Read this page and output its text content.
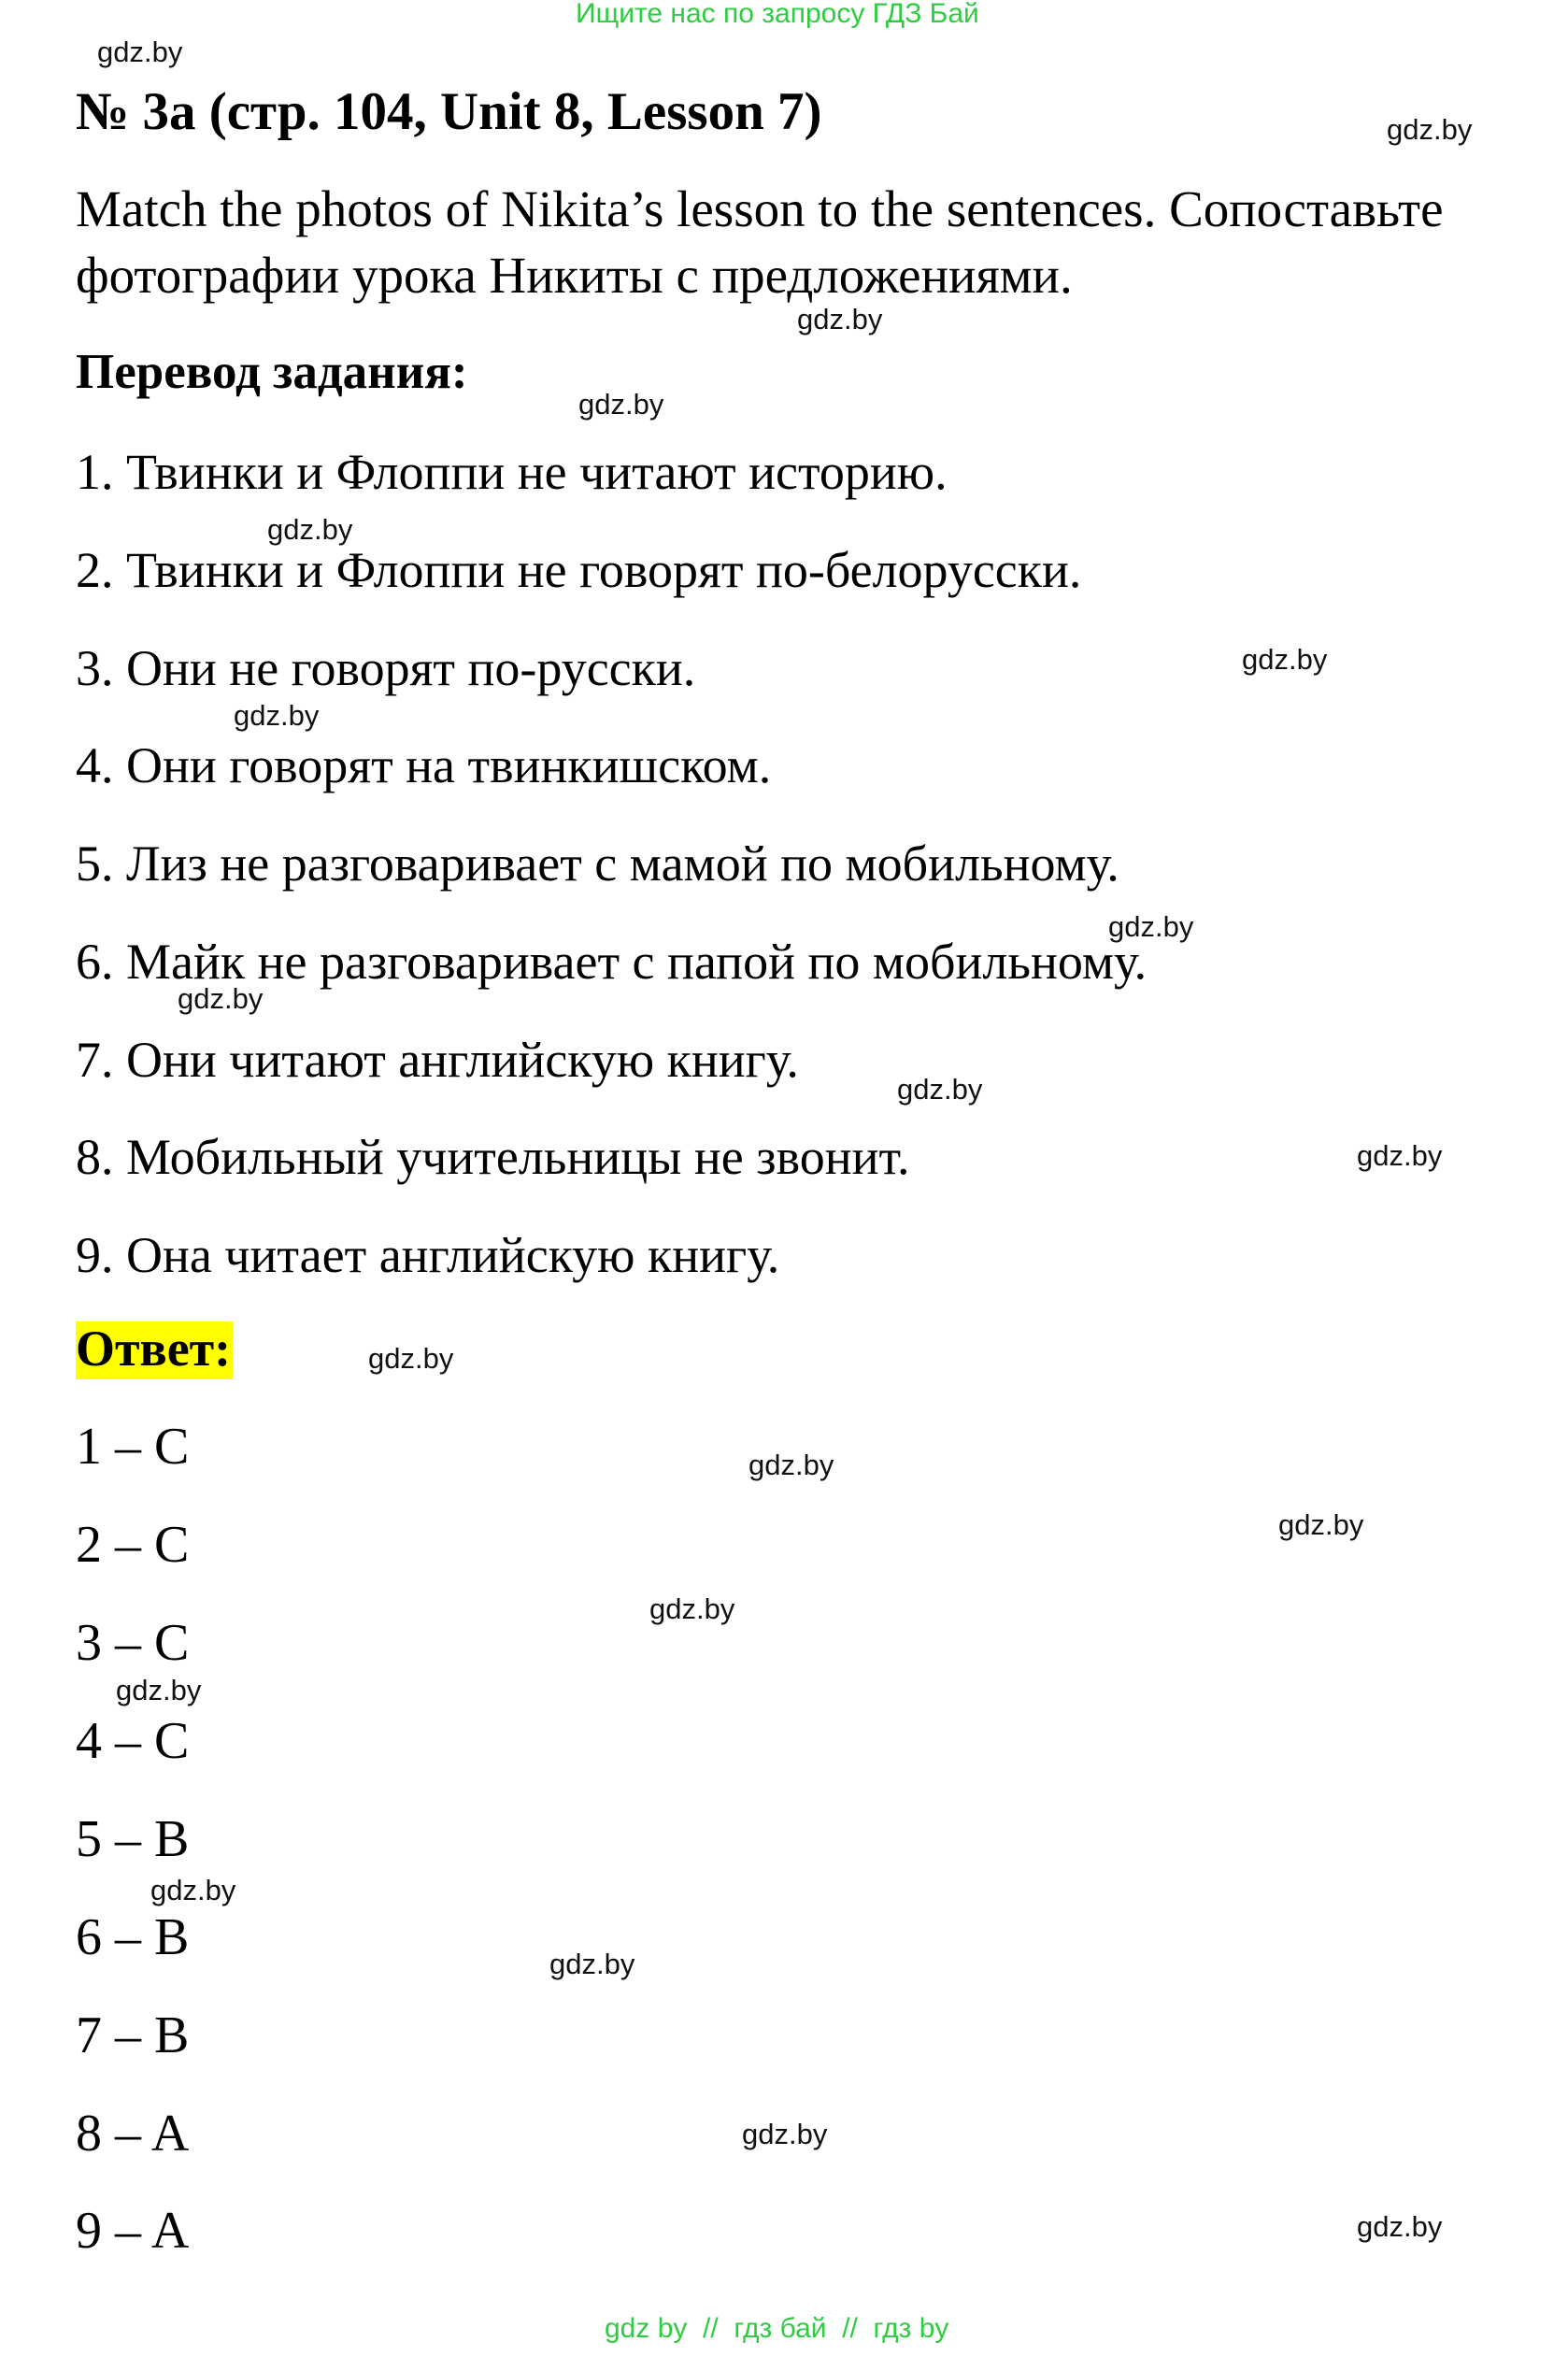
Ищите нас по запросу ГДЗ Бай
gdz.by
gdz.by
gdz.by
gdz.by
gdz.by
gdz.by
gdz.by
gdz.by
gdz.by
gdz.by
gdz.by
gdz.by
gdz.by
gdz.by
gdz.by
gdz.by
gdz.by
gdz.by
gdz.by
gdz.by
№ 3а (стр. 104, Unit 8, Lesson 7)
Match the photos of Nikita’s lesson to the sentences. Сопоставьте фотографии урока Никиты с предложениями.
Перевод задания:
1. Твинки и Флоппи не читают историю.
2. Твинки и Флоппи не говорят по-белорусски.
3. Они не говорят по-русски.
4. Они говорят на твинкишском.
5. Лиз не разговаривает с мамой по мобильному.
6. Майк не разговаривает с папой по мобильному.
7. Они читают английскую книгу.
8. Мобильный учительницы не звонит.
9. Она читает английскую книгу.
Ответ:
1 – C
2 – C
3 – C
4 – C
5 – B
6 – B
7 – B
8 – A
9 – A
gdz by  //  гдз бай  //  гдз by
